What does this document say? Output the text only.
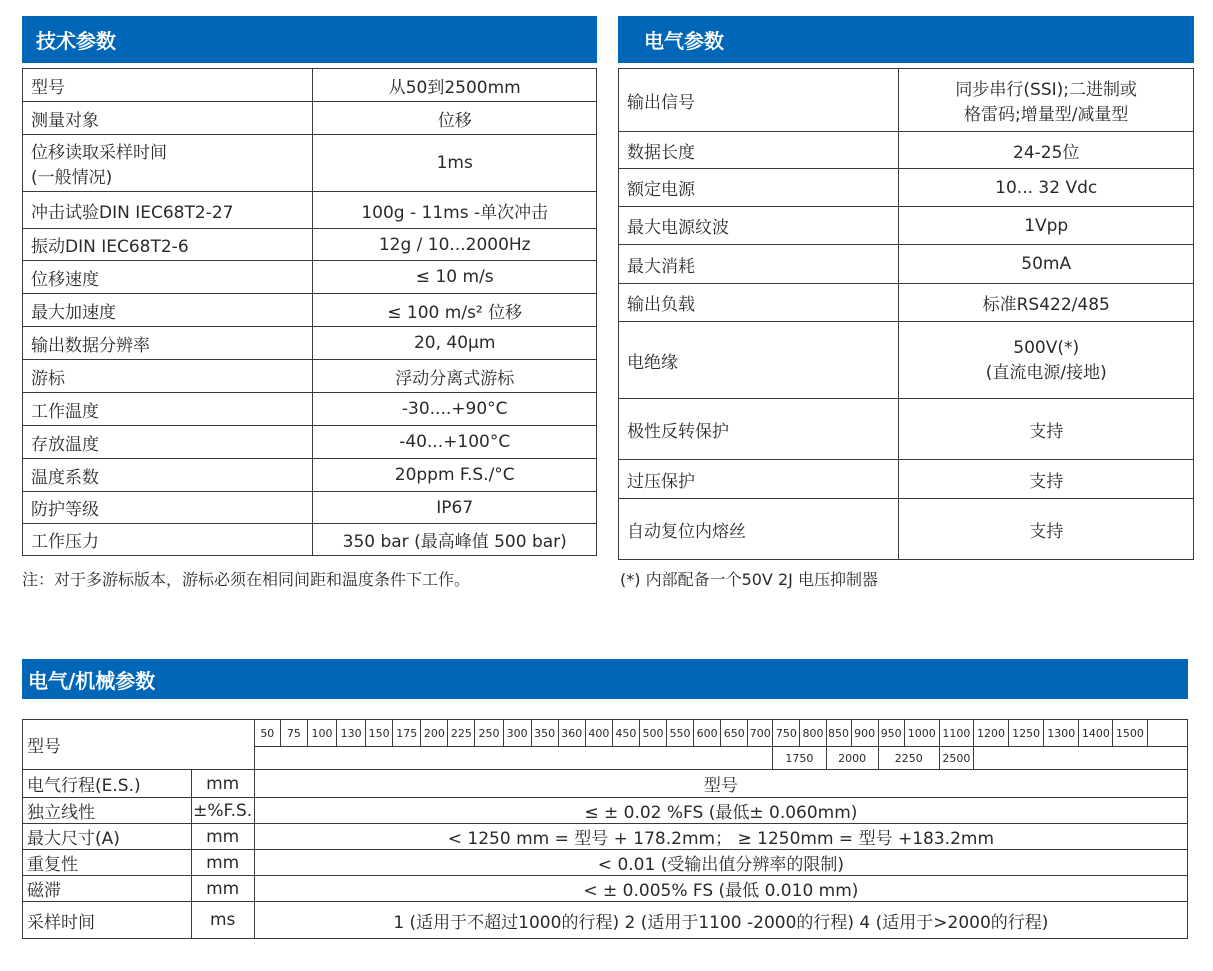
技术参数
型号	从50到2500mm
测量对象	位移
位移读取采样时间
(一般情况)	1ms
冲击试验DIN IEC68T2-27	100g - 11ms -单次冲击
振动DIN IEC68T2-6	12g / 10...2000Hz
位移速度	≤ 10 m/s
最大加速度	≤ 100 m/s² 位移
输出数据分辨率	20, 40μm
游标	浮动分离式游标
工作温度	-30....+90°C
存放温度	-40...+100°C
温度系数	20ppm F.S./°C
防护等级	IP67
工作压力	350 bar (最高峰值 500 bar)
注：对于多游标版本，游标必须在相同间距和温度条件下工作。
电气参数
输出信号	同步串行(SSI);二进制或
格雷码;增量型/减量型
数据长度	24-25位
额定电源	10... 32 Vdc
最大电源纹波	1Vpp
最大消耗	50mA
输出负载	标准RS422/485
电绝缘	500V(*)
(直流电源/接地)
极性反转保护	支持
过压保护	支持
自动复位内熔丝	支持
(*) 内部配备一个50V 2J 电压抑制器
电气/机械参数
型号		50	75	100	130	150	175	200	225	250	300	350	360	400	450	500	550	600	650	700	750	800	850	900	950	1000	1100	1200	1250	1300	1400	1500	
																					1750		2000		2250		2500						
电气行程(E.S.)	mm	型号																															
独立线性	±%F.S.	≤ ± 0.02 %FS (最低± 0.060mm)																															
最大尺寸(A)	mm	< 1250 mm = 型号 + 178.2mm； ≥ 1250mm = 型号 +183.2mm																															
重复性	mm	< 0.01 (受输出值分辨率的限制)																															
磁滞	mm	< ± 0.005% FS (最低 0.010 mm)																															
采样时间	ms	1 (适用于不超过1000的行程) 2 (适用于1100 -2000的行程) 4 (适用于>2000的行程)																															
